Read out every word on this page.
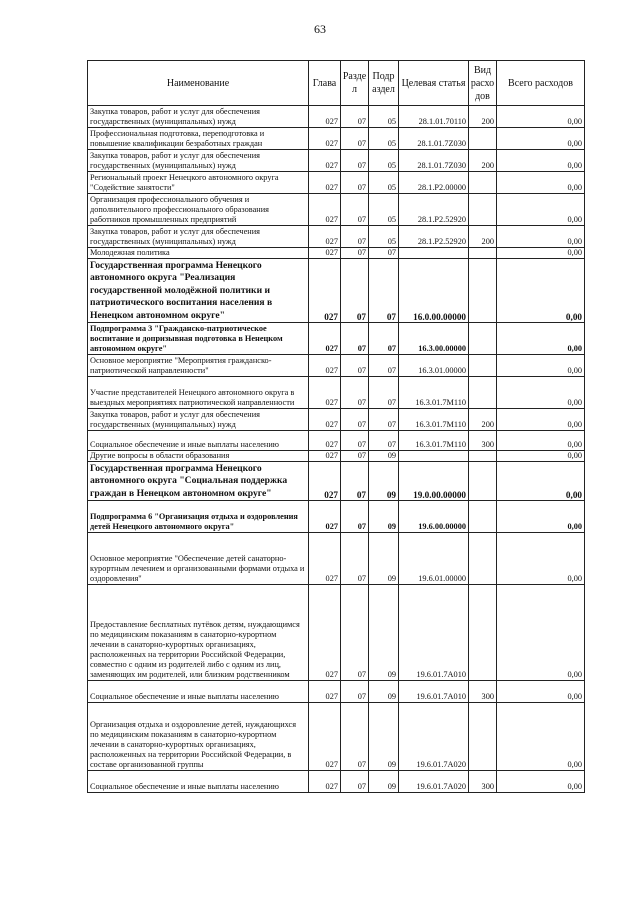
63
Наименование	Глава	Разде л	Подр аздел	Целевая статья	Вид расхо дов	Всего расходов
Закупка товаров, работ и услуг для обеспечения государственных (муниципальных) нужд	027	07	05	28.1.01.70110	200	0,00
Профессиональная подготовка, переподготовка и повышение квалификации безработных граждан	027	07	05	28.1.01.7Z030		0,00
Закупка товаров, работ и услуг для обеспечения государственных (муниципальных) нужд	027	07	05	28.1.01.7Z030	200	0,00
Региональный проект Ненецкого автономного округа "Содействие занятости"	027	07	05	28.1.P2.00000		0,00
Организация профессионального обучения и дополнительного профессионального образования работников промышленных предприятий	027	07	05	28.1.P2.52920		0,00
Закупка товаров, работ и услуг для обеспечения государственных (муниципальных) нужд	027	07	05	28.1.P2.52920	200	0,00
Молодежная политика	027	07	07			0,00
Государственная программа Ненецкого автономного округа "Реализация государственной молодёжной политики и патриотического воспитания населения в Ненецком автономном округе"	027	07	07	16.0.00.00000		0,00
Подпрограмма 3 "Гражданско-патриотическое воспитание и допризывная подготовка в Ненецком автономном округе"	027	07	07	16.3.00.00000		0,00
Основное мероприятие "Мероприятия гражданско-патриотической направленности"	027	07	07	16.3.01.00000		0,00
Участие представителей Ненецкого автономного округа в выездных мероприятиях патриотической направленности	027	07	07	16.3.01.7M110		0,00
Закупка товаров, работ и услуг для обеспечения государственных (муниципальных) нужд	027	07	07	16.3.01.7M110	200	0,00
Социальное обеспечение и иные выплаты населению	027	07	07	16.3.01.7M110	300	0,00
Другие вопросы в области образования	027	07	09			0,00
Государственная программа Ненецкого автономного округа "Социальная поддержка граждан в Ненецком автономном округе"	027	07	09	19.0.00.00000		0,00
Подпрограмма 6 "Организация отдыха и оздоровления детей Ненецкого автономного округа"	027	07	09	19.6.00.00000		0,00
Основное мероприятие "Обеспечение детей санаторно-курортным лечением и организованными формами отдыха и оздоровления"	027	07	09	19.6.01.00000		0,00
Предоставление бесплатных путёвок детям, нуждающимся по медицинским показаниям в санаторно-курортном лечении в санаторно-курортных организациях, расположенных на территории Российской Федерации, совместно с одним из родителей либо с одним из лиц, заменяющих им родителей, или близким родственником	027	07	09	19.6.01.7A010		0,00
Социальное обеспечение и иные выплаты населению	027	07	09	19.6.01.7A010	300	0,00
Организация отдыха и оздоровление детей, нуждающихся по медицинским показаниям в санаторно-курортном лечении в санаторно-курортных организациях, расположенных на территории Российской Федерации, в составе организованной группы	027	07	09	19.6.01.7A020		0,00
Социальное обеспечение и иные выплаты населению	027	07	09	19.6.01.7A020	300	0,00
